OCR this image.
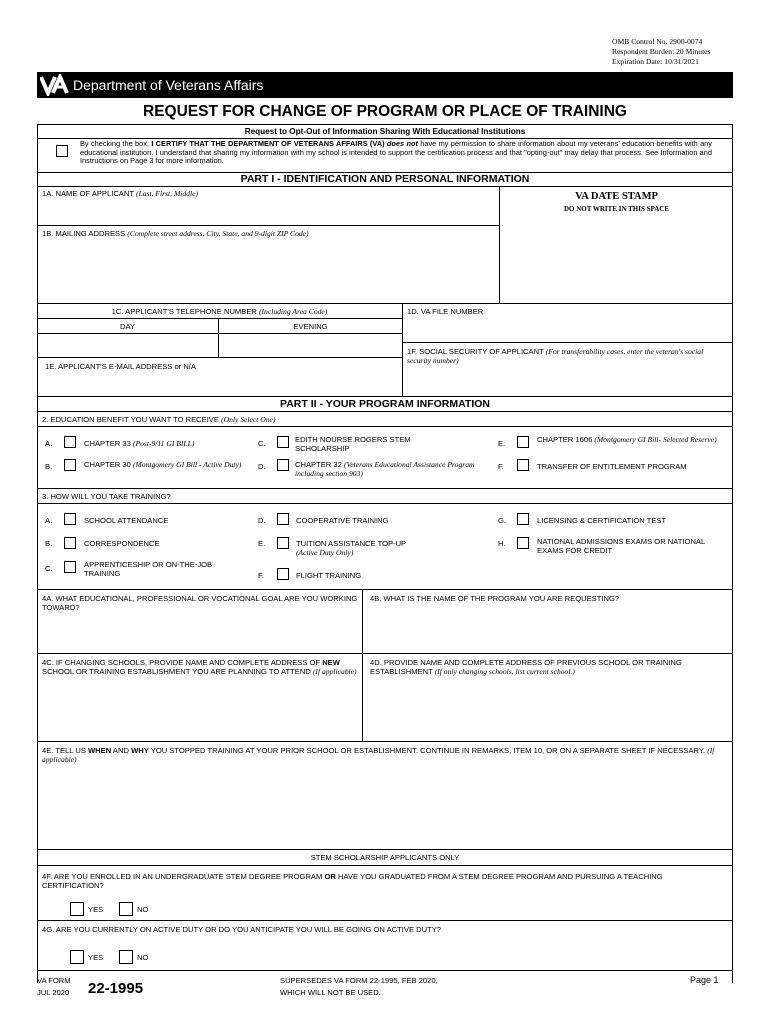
OMB Control No. 2900-0074
Respondent Burden: 20 Minutes
Expiration Date: 10/31/2021
Department of Veterans Affairs
REQUEST FOR CHANGE OF PROGRAM OR PLACE OF TRAINING
Request to Opt-Out of Information Sharing With Educational Institutions
By checking the box, I CERTIFY THAT THE DEPARTMENT OF VETERANS AFFAIRS (VA) does not have my permission to share information about my veterans' education benefits with any educational institution. I understand that sharing my information with my school is intended to support the certification process and that "opting-out" may delay that process. See Information and Instructions on Page 3 for more information.
PART I - IDENTIFICATION AND PERSONAL INFORMATION
1A. NAME OF APPLICANT (Last, First, Middle)	VA DATE STAMP
DO NOT WRITE IN THIS SPACE
1B. MAILING ADDRESS (Complete street address, City, State, and 9-digit ZIP Code)
1C. APPLICANT'S TELEPHONE NUMBER (Including Area Code)	1D. VA FILE NUMBER
DAY	EVENING
1E. APPLICANT'S E-MAIL ADDRESS or N/A
1F. SOCIAL SECURITY OF APPLICANT (For transferability cases, enter the veteran's social security number)
PART II - YOUR PROGRAM INFORMATION
2. EDUCATION BENEFIT YOU WANT TO RECEIVE (Only Select One)
A.	CHAPTER 33 (Post-9/11 GI BILL)
B.	CHAPTER 30 (Montgomery GI Bill - Active Duty)
C.	EDITH NOURSE ROGERS STEM SCHOLARSHIP
D.	CHAPTER 32 (Veterans Educational Assistance Program including section 903)
E.	CHAPTER 1606 (Montgomery GI Bill- Selected Reserve)
F.	TRANSFER OF ENTITLEMENT PROGRAM
3. HOW WILL YOU TAKE TRAINING?
A.	SCHOOL ATTENDANCE
B.	CORRESPONDENCE
C.	APPRENTICESHIP OR ON-THE-JOB TRAINING
D.	COOPERATIVE TRAINING
E.	TUITION ASSISTANCE TOP-UP
(Active Duty Only)
F.	FLIGHT TRAINING
G.	LICENSING & CERTIFICATION TEST
H.	NATIONAL ADMISSIONS EXAMS OR NATIONAL EXAMS FOR CREDIT
4A. WHAT EDUCATIONAL, PROFESSIONAL OR VOCATIONAL GOAL ARE YOU WORKING TOWARD?
4B. WHAT IS THE NAME OF THE PROGRAM YOU ARE REQUESTING?
4C. IF CHANGING SCHOOLS, PROVIDE NAME AND COMPLETE ADDRESS OF NEW SCHOOL OR TRAINING ESTABLISHMENT YOU ARE PLANNING TO ATTEND (If applicable)
4D. PROVIDE NAME AND COMPLETE ADDRESS OF PREVIOUS SCHOOL OR TRAINING ESTABLISHMENT (If only changing schools, list current school.)
4E. TELL US WHEN AND WHY YOU STOPPED TRAINING AT YOUR PRIOR SCHOOL OR ESTABLISHMENT. CONTINUE IN REMARKS, ITEM 10, OR ON A SEPARATE SHEET IF NECESSARY. (If applicable)
STEM SCHOLARSHIP APPLICANTS ONLY
4F. ARE YOU ENROLLED IN AN UNDERGRADUATE STEM DEGREE PROGRAM OR HAVE YOU GRADUATED FROM A STEM DEGREE PROGRAM AND PURSUING A TEACHING CERTIFICATION?
YES	NO
4G. ARE YOU CURRENTLY ON ACTIVE DUTY OR DO YOU ANTICIPATE YOU WILL BE GOING ON ACTIVE DUTY?
YES	NO
VA FORM
JUL 2020 22-1995	SUPERSEDES VA FORM 22-1995, FEB 2020,
WHICH WILL NOT BE USED.
Page 1
